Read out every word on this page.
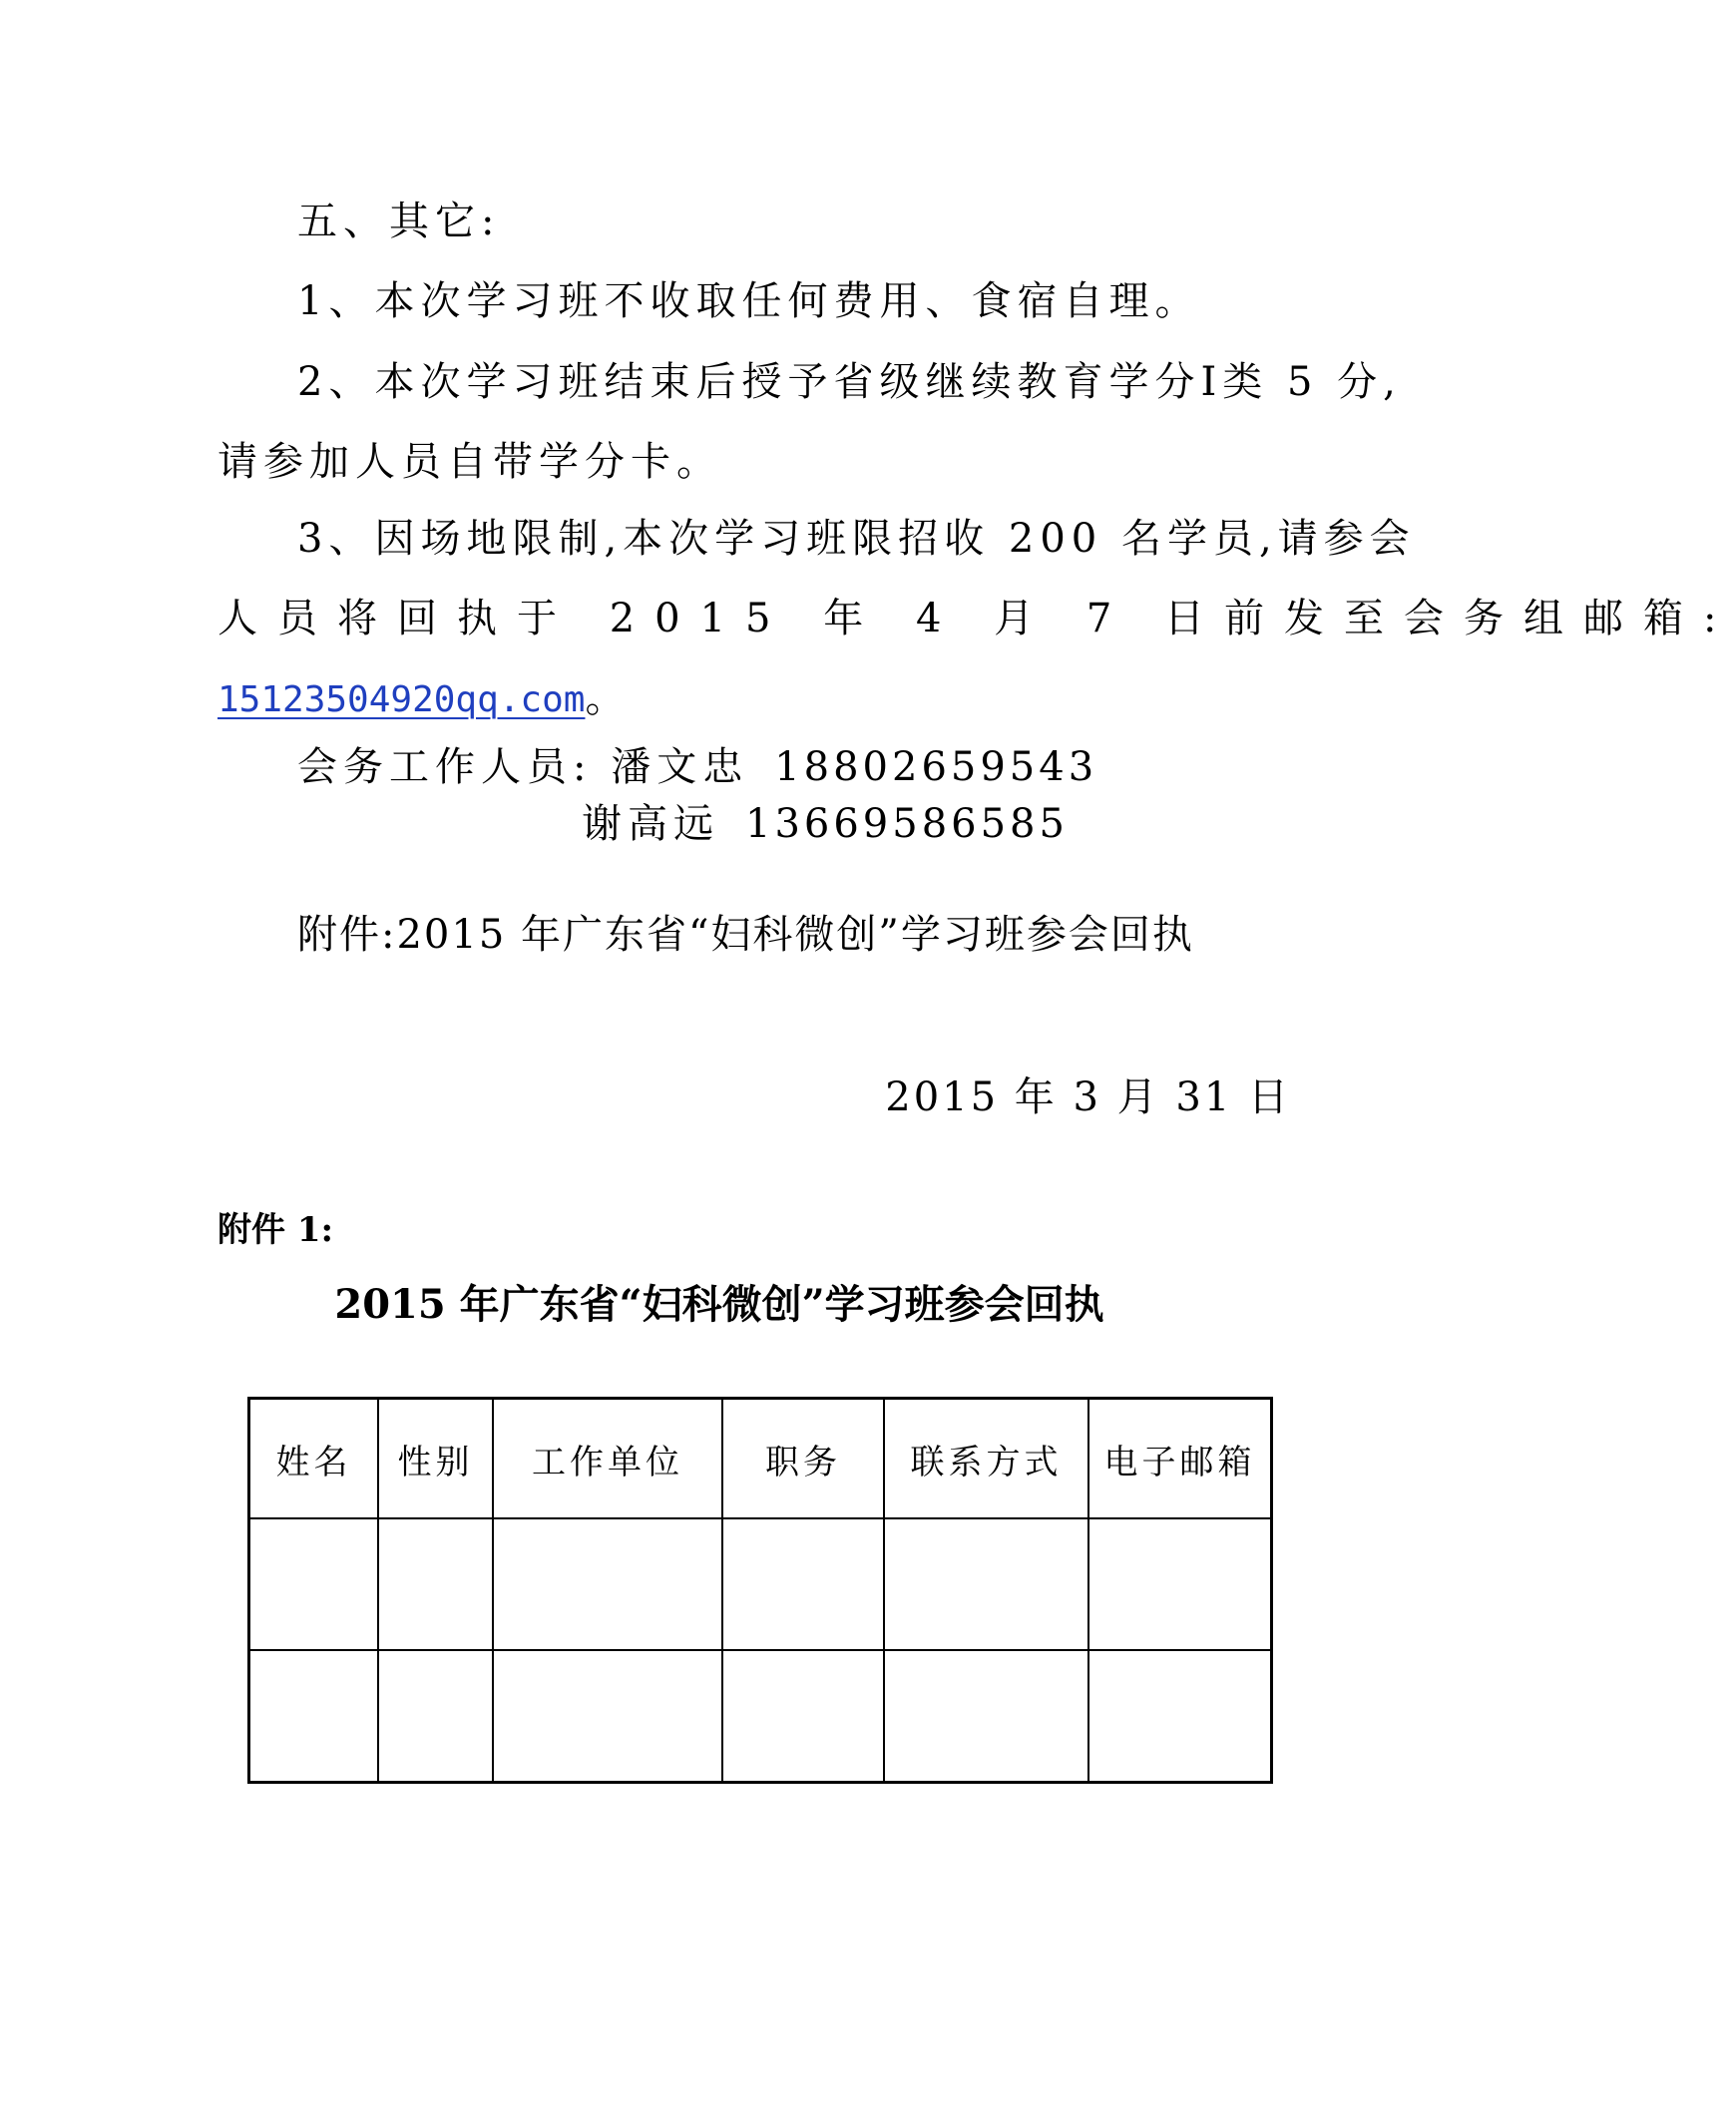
五、其它:
1、本次学习班不收取任何费用、食宿自理。
2、本次学习班结束后授予省级继续教育学分Ⅰ类 5 分,
请参加人员自带学分卡。
3、因场地限制,本次学习班限招收 200 名学员,请参会
人员将回执于 2015 年 4 月 7 日前发至会务组邮箱:
15123504920qq.com。
会务工作人员: 潘文忠 18802659543
谢高远 13669586585
附件:2015 年广东省“妇科微创”学习班参会回执
2015 年 3 月 31 日
附件 1:
2015 年广东省“妇科微创”学习班参会回执
姓名	性别	工作单位	职务	联系方式	电子邮箱
